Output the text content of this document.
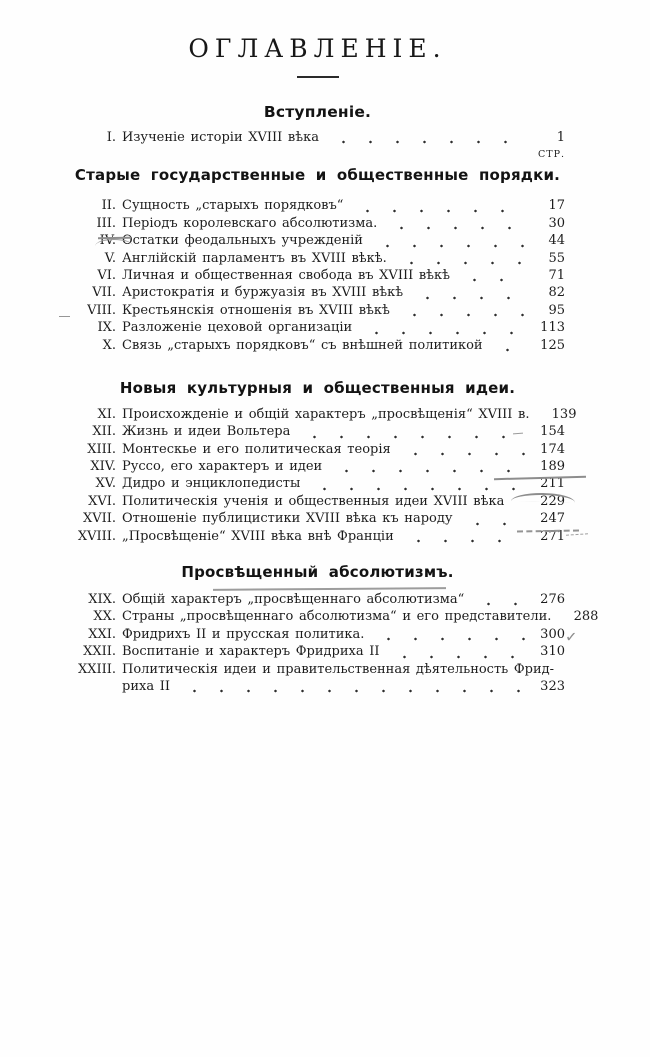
ОГЛАВЛЕНІЕ.
СТР.
Вступленіе.
I. Изученіе исторіи XVIII вѣка	1
Старые государственные и общественные порядки.
II. Сущность „старыхъ порядковъ“	17
III. Періодъ королевскаго абсолютизма.	30
IV. Остатки феодальныхъ учрежденій	44
V. Англійскій парламентъ въ XVIII вѣкѣ.	55
VI. Личная и общественная свобода въ XVIII вѣкѣ	71
VII. Аристократія и буржуазія въ XVIII вѣкѣ	82
VIII. Крестьянскія отношенія въ XVIII вѣкѣ	95
IX. Разложеніе цеховой организаціи	113
X. Связь „старыхъ порядковъ“ съ внѣшней политикой	125
Новыя культурныя и общественныя идеи.
XI. Происхожденіе и общій характеръ „просвѣщенія“ XVIII в.	139
XII. Жизнь и идеи Вольтера	154
XIII. Монтескье и его политическая теорія	174
XIV. Руссо, его характеръ и идеи	189
XV. Дидро и энциклопедисты	211
XVI. Политическія ученія и общественныя идеи XVIII вѣка	229
XVII. Отношеніе публицистики XVIII вѣка къ народу	247
XVIII. „Просвѣщеніе“ XVIII вѣка внѣ Франціи	271
Просвѣщенный абсолютизмъ.
XIX. Общій характеръ „просвѣщеннаго абсолютизма“	276
XX. Страны „просвѣщеннаго абсолютизма“ и его представители.	288
XXI. Фридрихъ II и прусская политика.	300
XXII. Воспитаніе и характеръ Фридриха II	310
XXIII. Политическія идеи и правительственная дѣятельность Фрид-
риха II	323
✓
